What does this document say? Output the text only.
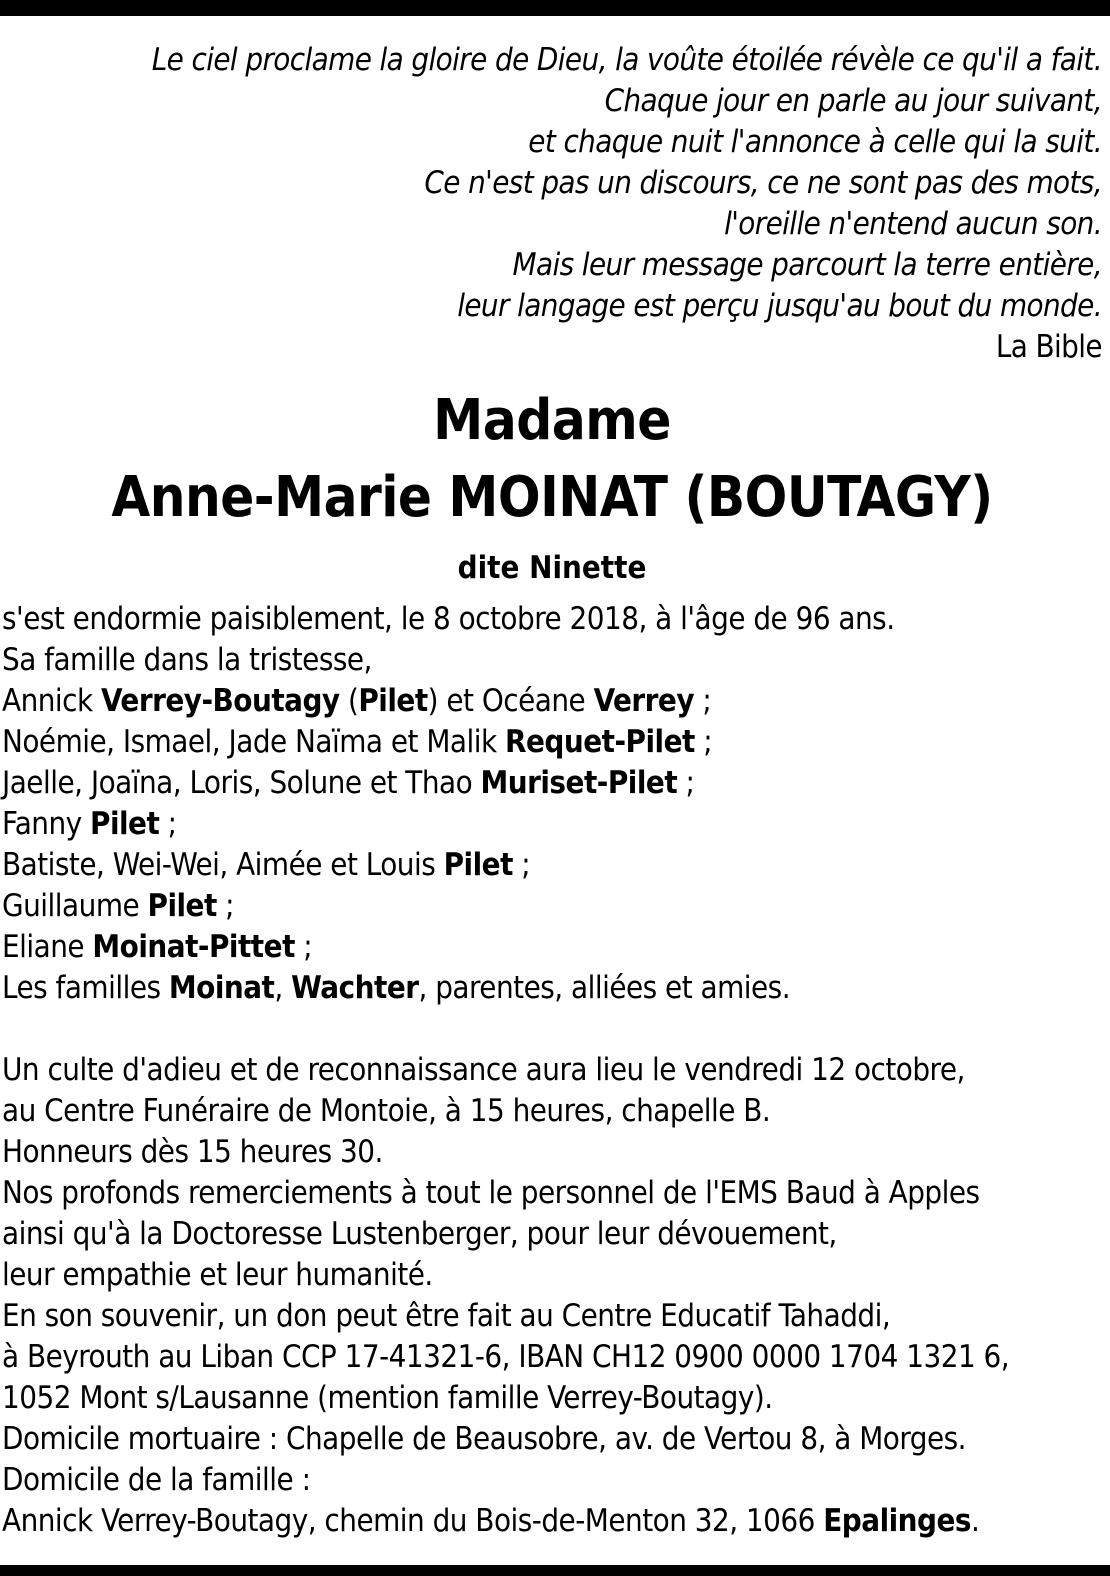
Le ciel proclame la gloire de Dieu, la voûte étoilée révèle ce qu'il a fait.
Chaque jour en parle au jour suivant,
et chaque nuit l'annonce à celle qui la suit.
Ce n'est pas un discours, ce ne sont pas des mots,
l'oreille n'entend aucun son.
Mais leur message parcourt la terre entière,
leur langage est perçu jusqu'au bout du monde.
La Bible
Madame
Anne-Marie MOINAT (BOUTAGY)
dite Ninette
s'est endormie paisiblement, le 8 octobre 2018, à l'âge de 96 ans.
Sa famille dans la tristesse,
Annick Verrey-Boutagy (Pilet) et Océane Verrey ;
Noémie, Ismael, Jade Naïma et Malik Requet-Pilet ;
Jaelle, Joaïna, Loris, Solune et Thao Muriset-Pilet ;
Fanny Pilet ;
Batiste, Wei-Wei, Aimée et Louis Pilet ;
Guillaume Pilet ;
Eliane Moinat-Pittet ;
Les familles Moinat, Wachter, parentes, alliées et amies.
Un culte d'adieu et de reconnaissance aura lieu le vendredi 12 octobre,
au Centre Funéraire de Montoie, à 15 heures, chapelle B.
Honneurs dès 15 heures 30.
Nos profonds remerciements à tout le personnel de l'EMS Baud à Apples
ainsi qu'à la Doctoresse Lustenberger, pour leur dévouement,
leur empathie et leur humanité.
En son souvenir, un don peut être fait au Centre Educatif Tahaddi,
à Beyrouth au Liban CCP 17-41321-6, IBAN CH12 0900 0000 1704 1321 6,
1052 Mont s/Lausanne (mention famille Verrey-Boutagy).
Domicile mortuaire : Chapelle de Beausobre, av. de Vertou 8, à Morges.
Domicile de la famille :
Annick Verrey-Boutagy, chemin du Bois-de-Menton 32, 1066 Epalinges.
